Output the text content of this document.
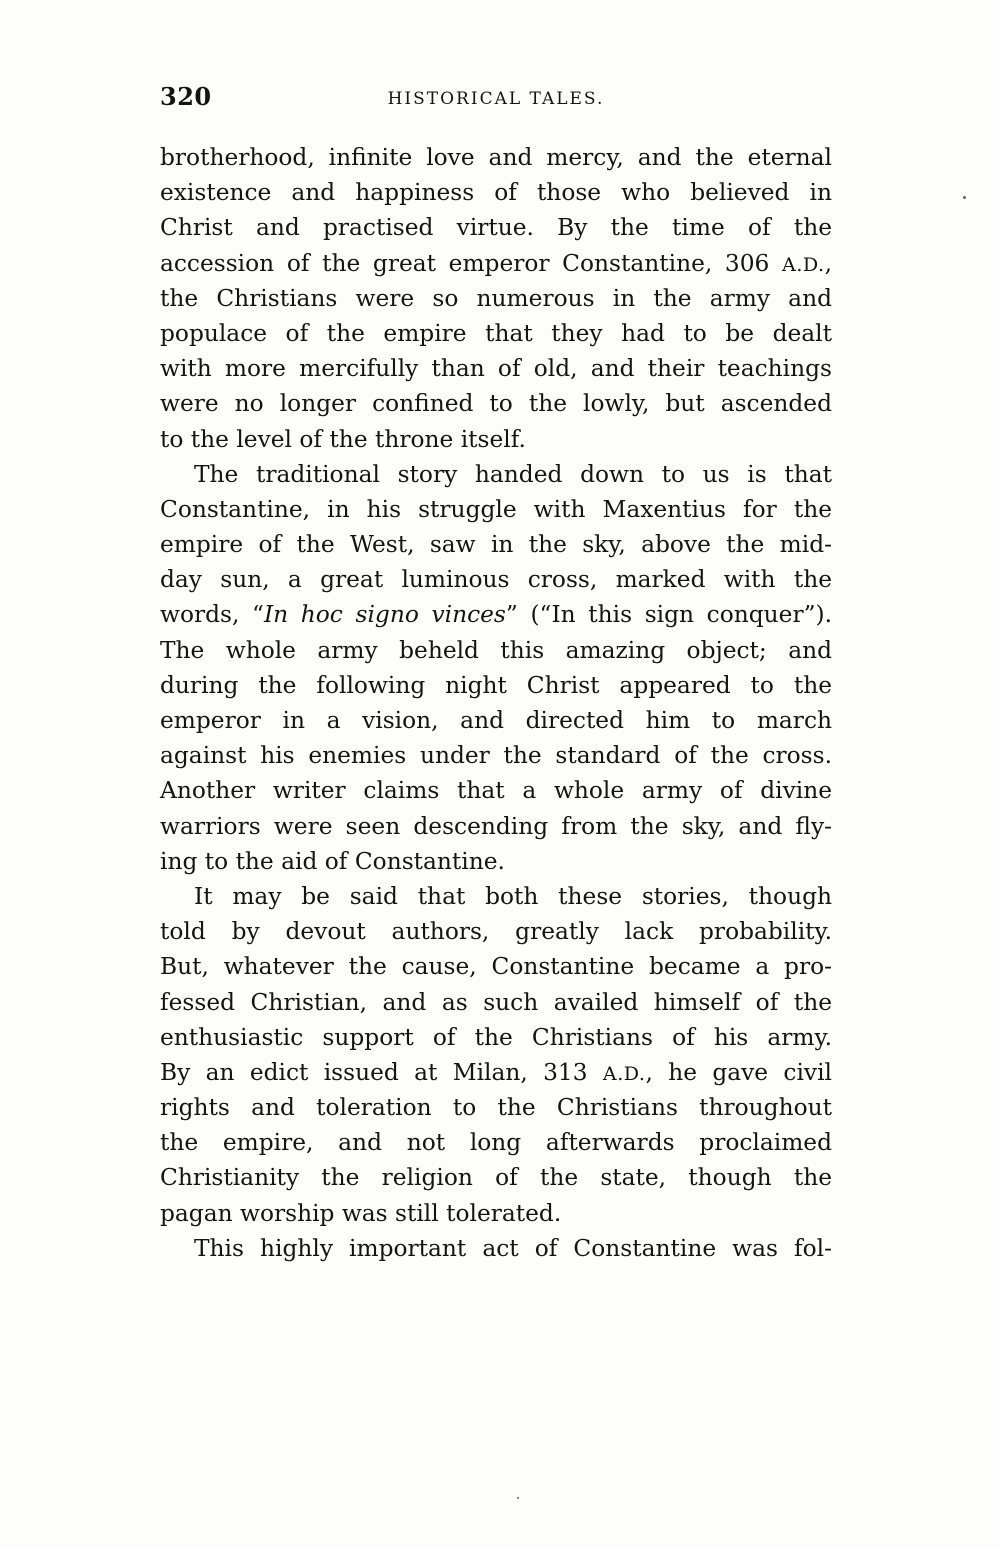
320	HISTORICAL TALES.
brotherhood, infinite love and mercy, and the eternal
existence and happiness of those who believed in
Christ and practised virtue. By the time of the
accession of the great emperor Constantine, 306 A.D.,
the Christians were so numerous in the army and
populace of the empire that they had to be dealt
with more mercifully than of old, and their teachings
were no longer confined to the lowly, but ascended
to the level of the throne itself.
The traditional story handed down to us is that
Constantine, in his struggle with Maxentius for the
empire of the West, saw in the sky, above the mid-
day sun, a great luminous cross, marked with the
words, “In hoc signo vinces” (“In this sign conquer”).
The whole army beheld this amazing object; and
during the following night Christ appeared to the
emperor in a vision, and directed him to march
against his enemies under the standard of the cross.
Another writer claims that a whole army of divine
warriors were seen descending from the sky, and fly-
ing to the aid of Constantine.
It may be said that both these stories, though
told by devout authors, greatly lack probability.
But, whatever the cause, Constantine became a pro-
fessed Christian, and as such availed himself of the
enthusiastic support of the Christians of his army.
By an edict issued at Milan, 313 A.D., he gave civil
rights and toleration to the Christians throughout
the empire, and not long afterwards proclaimed
Christianity the religion of the state, though the
pagan worship was still tolerated.
This highly important act of Constantine was fol-
